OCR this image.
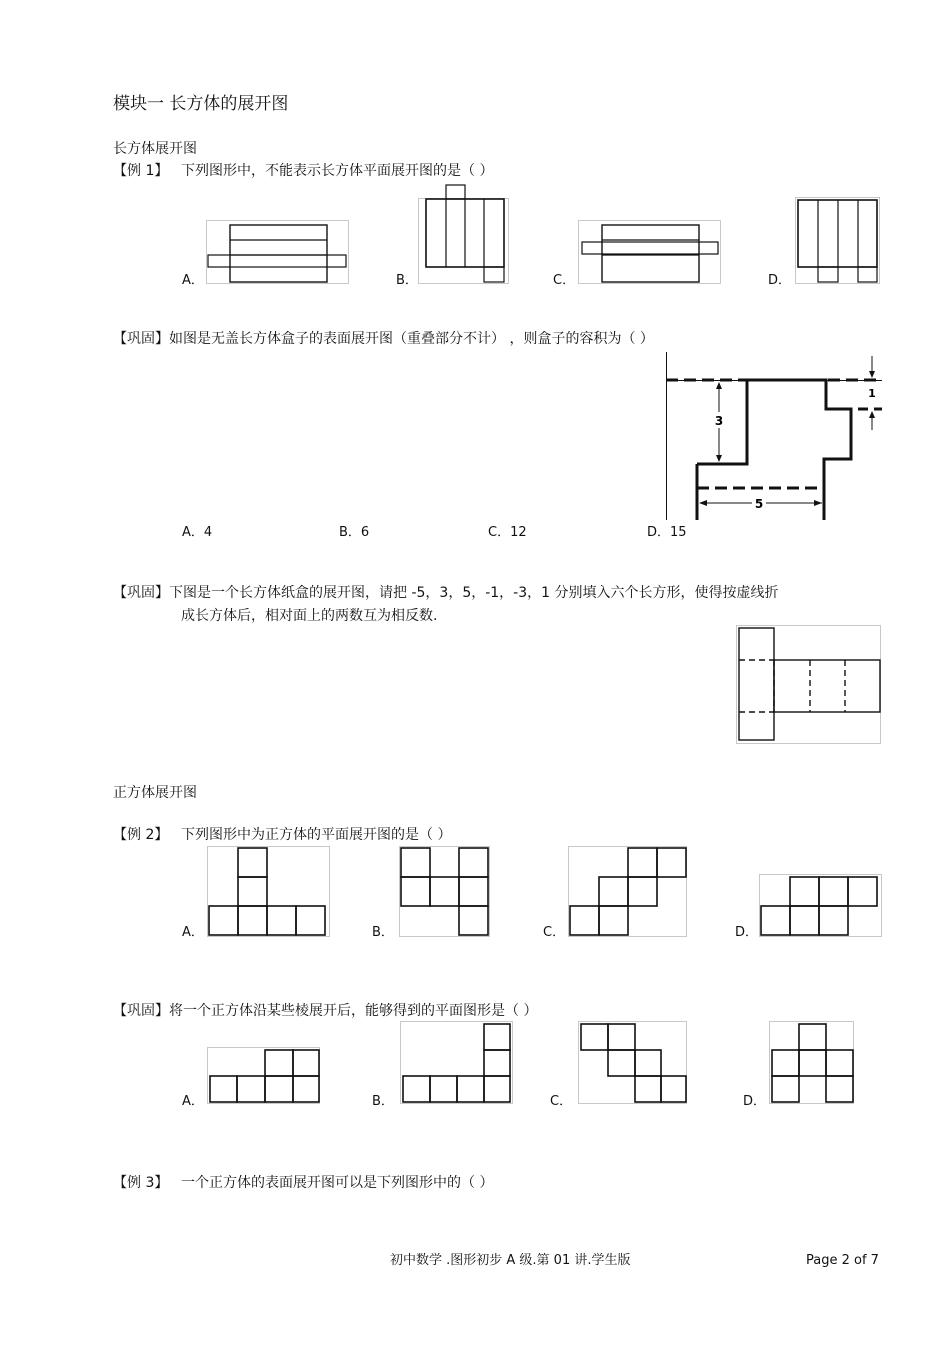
模块一 长方体的展开图
长方体展开图
【例 1】 下列图形中，不能表示长方体平面展开图的是（ ）
A．	B．	C．	D．
【巩固】如图是无盖长方体盒子的表面展开图（重叠部分不计） ，则盒子的容积为（ ）
3
1
5
A．4	B．6	C．12	D．15
【巩固】下图是一个长方体纸盒的展开图，请把 -5，3，5，-1，-3，1 分别填入六个长方形，使得按虚线折
成长方体后，相对面上的两数互为相反数.
正方体展开图
【例 2】 下列图形中为正方体的平面展开图的是（ ）
A．	B．	C．	D．
【巩固】将一个正方体沿某些棱展开后，能够得到的平面图形是（ ）
A．	B．	C．	D．
【例 3】 一个正方体的表面展开图可以是下列图形中的（ ）
初中数学 .图形初步 A 级.第 01 讲.学生版	Page 2 of 7
